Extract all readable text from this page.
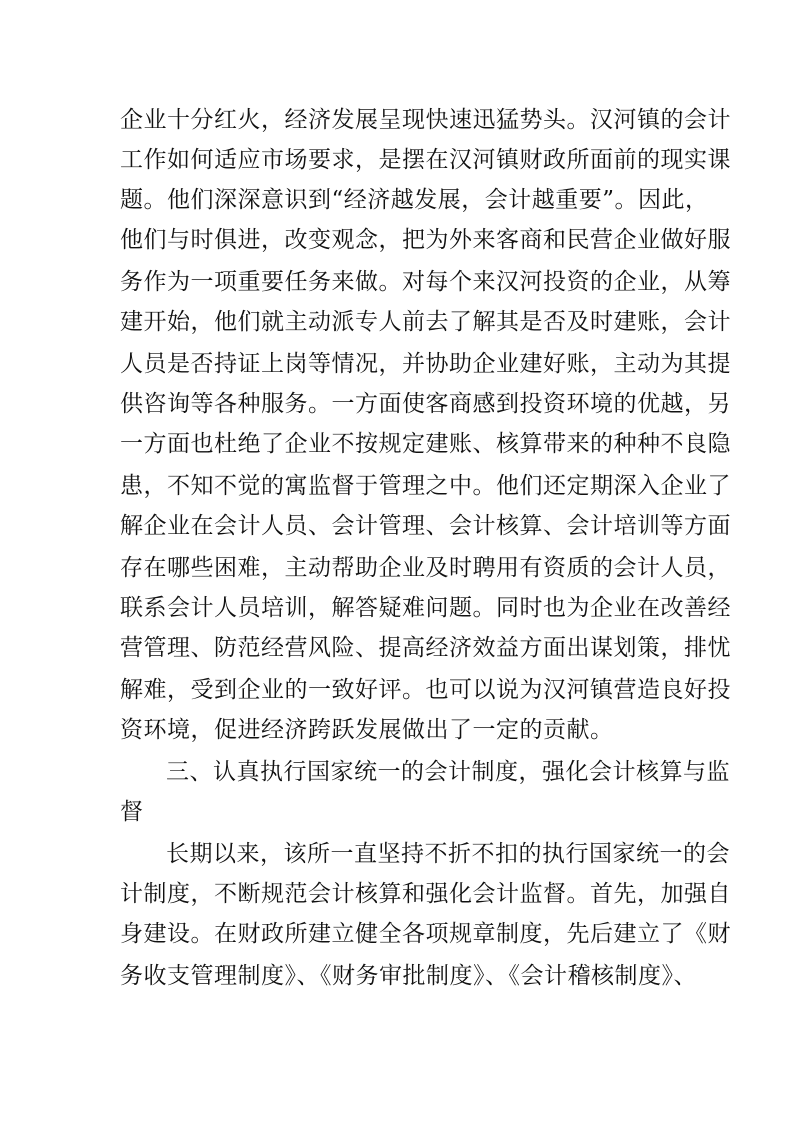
企业十分红火，经济发展呈现快速迅猛势头。汉河镇的会计
工作如何适应市场要求，是摆在汉河镇财政所面前的现实课
题。他们深深意识到“经济越发展，会计越重要”。因此，
他们与时俱进，改变观念，把为外来客商和民营企业做好服
务作为一项重要任务来做。对每个来汉河投资的企业，从筹
建开始，他们就主动派专人前去了解其是否及时建账，会计
人员是否持证上岗等情况，并协助企业建好账，主动为其提
供咨询等各种服务。一方面使客商感到投资环境的优越，另
一方面也杜绝了企业不按规定建账、核算带来的种种不良隐
患，不知不觉的寓监督于管理之中。他们还定期深入企业了
解企业在会计人员、会计管理、会计核算、会计培训等方面
存在哪些困难，主动帮助企业及时聘用有资质的会计人员，
联系会计人员培训，解答疑难问题。同时也为企业在改善经
营管理、防范经营风险、提高经济效益方面出谋划策，排忧
解难，受到企业的一致好评。也可以说为汉河镇营造良好投
资环境，促进经济跨跃发展做出了一定的贡献。
三、认真执行国家统一的会计制度，强化会计核算与监
督
长期以来，该所一直坚持不折不扣的执行国家统一的会
计制度，不断规范会计核算和强化会计监督。首先，加强自
身建设。在财政所建立健全各项规章制度，先后建立了《财
务收支管理制度》、《财务审批制度》、《会计稽核制度》、
